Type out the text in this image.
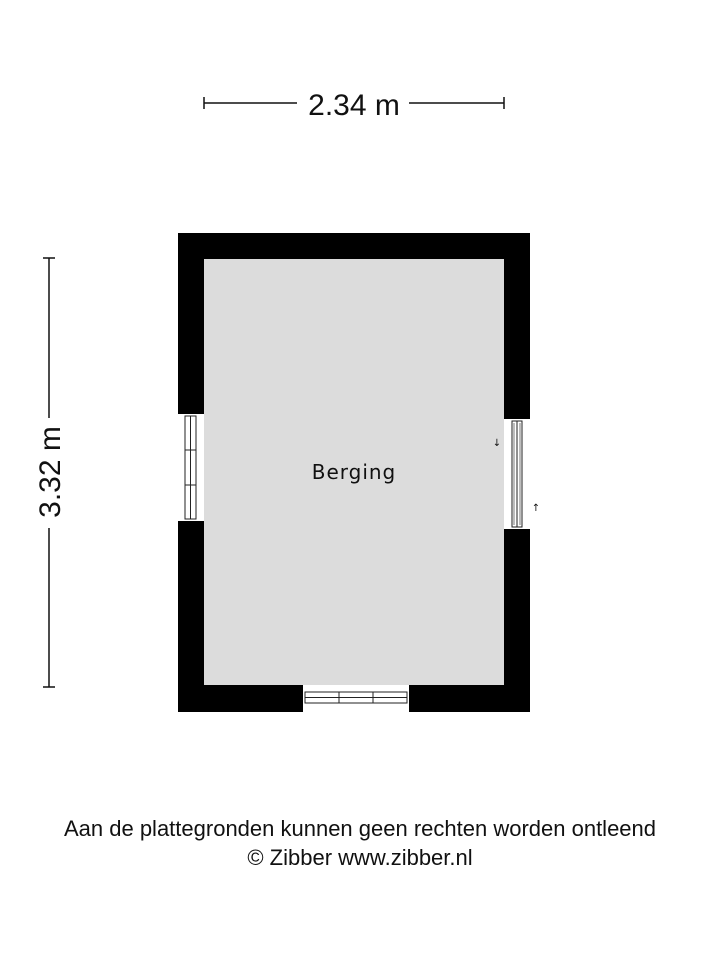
2.34 m
3.32 m	↓
↑
Berging
Aan de plattegronden kunnen geen rechten worden ontleend
© Zibber www.zibber.nl
